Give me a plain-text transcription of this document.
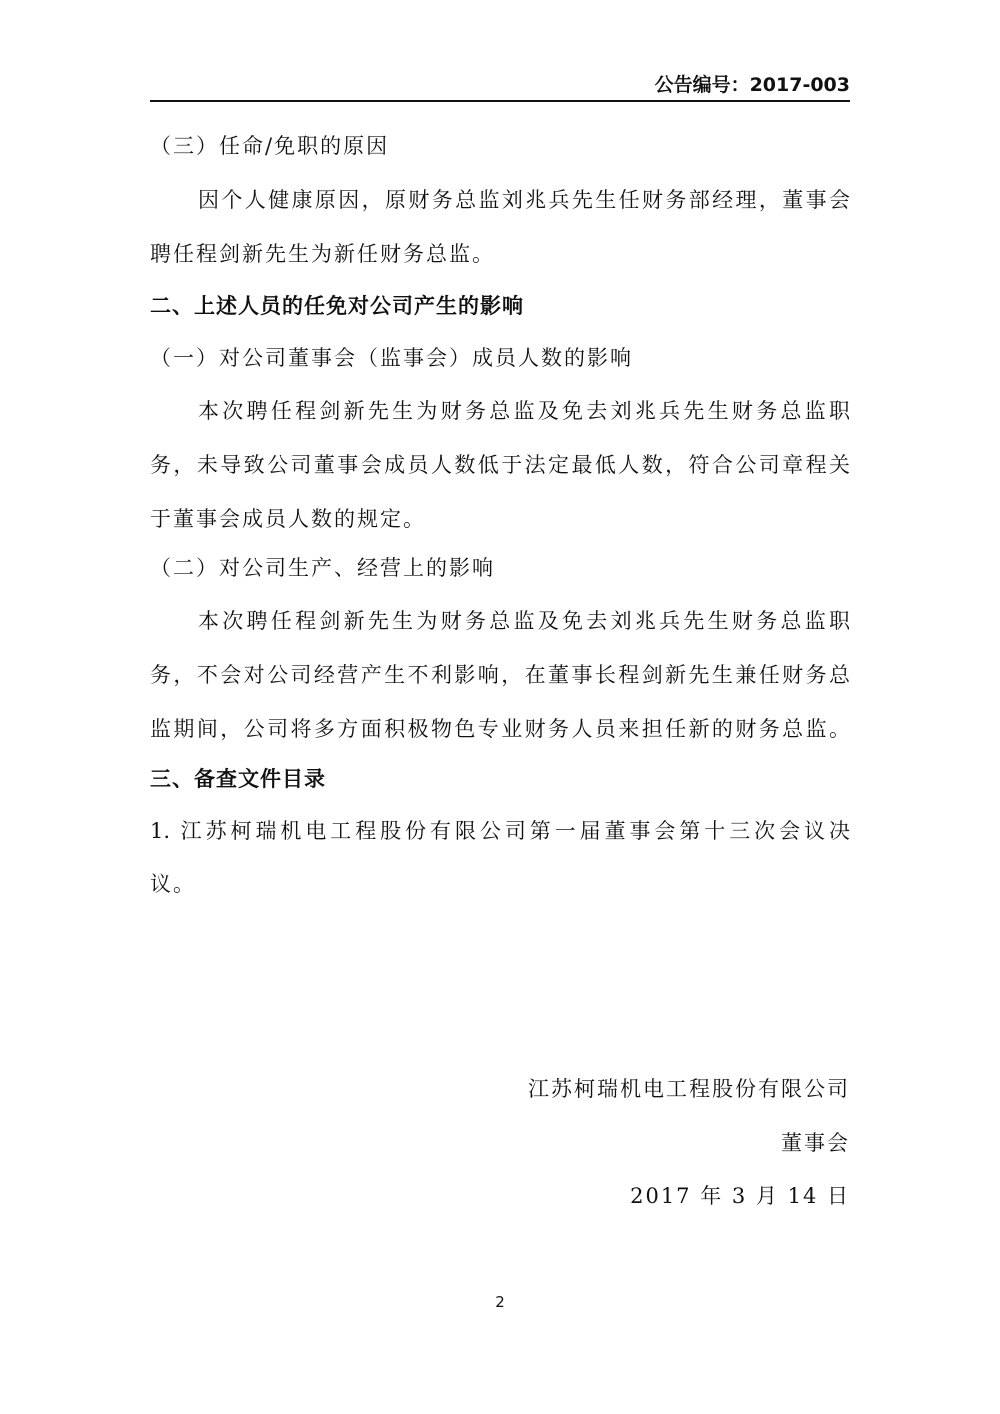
公告编号：2017-003
（三）任命/免职的原因
因个人健康原因，原财务总监刘兆兵先生任财务部经理，董事会
聘任程剑新先生为新任财务总监。
二、上述人员的任免对公司产生的影响
（一）对公司董事会（监事会）成员人数的影响
本次聘任程剑新先生为财务总监及免去刘兆兵先生财务总监职
务，未导致公司董事会成员人数低于法定最低人数，符合公司章程关
于董事会成员人数的规定。
（二）对公司生产、经营上的影响
本次聘任程剑新先生为财务总监及免去刘兆兵先生财务总监职
务，不会对公司经营产生不利影响，在董事长程剑新先生兼任财务总
监期间，公司将多方面积极物色专业财务人员来担任新的财务总监。
三、备查文件目录
1. 江苏柯瑞机电工程股份有限公司第一届董事会第十三次会议决
议。
江苏柯瑞机电工程股份有限公司
董事会
2017 年 3 月 14 日
2
